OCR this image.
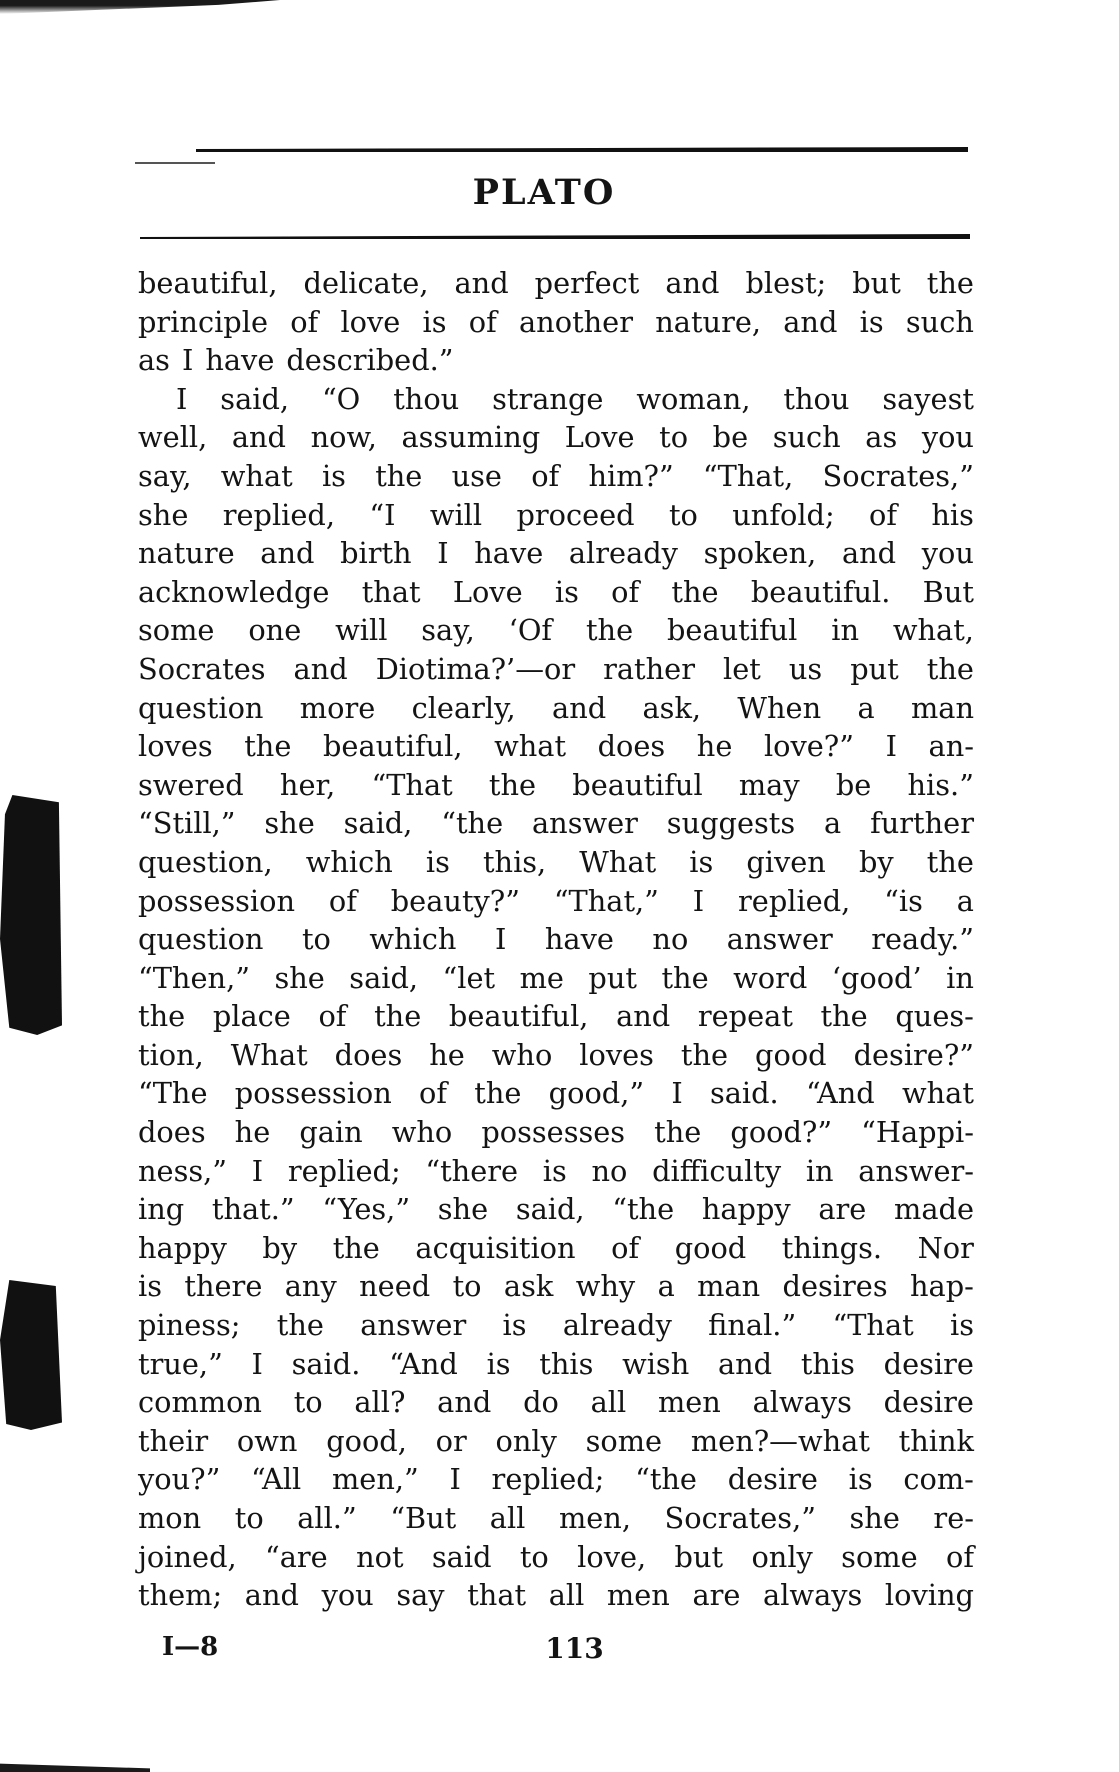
PLATO
beautiful, delicate, and perfect and blest; but the
principle of love is of another nature, and is such
as I have described.”
I said, “O thou strange woman, thou sayest
well, and now, assuming Love to be such as you
say, what is the use of him?” “That, Socrates,”
she replied, “I will proceed to unfold; of his
nature and birth I have already spoken, and you
acknowledge that Love is of the beautiful. But
some one will say, ‘Of the beautiful in what,
Socrates and Diotima?’—or rather let us put the
question more clearly, and ask, When a man
loves the beautiful, what does he love?” I an-
swered her, “That the beautiful may be his.”
“Still,” she said, “the answer suggests a further
question, which is this, What is given by the
possession of beauty?” “That,” I replied, “is a
question to which I have no answer ready.”
“Then,” she said, “let me put the word ‘good’ in
the place of the beautiful, and repeat the ques-
tion, What does he who loves the good desire?”
“The possession of the good,” I said. “And what
does he gain who possesses the good?” “Happi-
ness,” I replied; “there is no difficulty in answer-
ing that.” “Yes,” she said, “the happy are made
happy by the acquisition of good things. Nor
is there any need to ask why a man desires hap-
piness; the answer is already final.” “That is
true,” I said. “And is this wish and this desire
common to all? and do all men always desire
their own good, or only some men?—what think
you?” “All men,” I replied; “the desire is com-
mon to all.” “But all men, Socrates,” she re-
joined, “are not said to love, but only some of
them; and you say that all men are always loving
I—8	113
